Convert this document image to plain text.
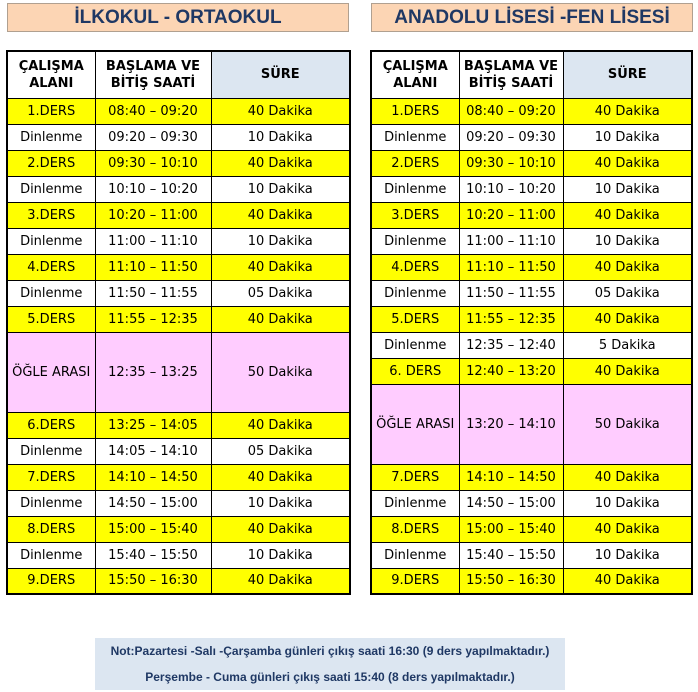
İLKOKUL - ORTAOKUL	ANADOLU LİSESİ -FEN LİSESİ
ÇALIŞMA ALANI	BAŞLAMA VE BİTİŞ SAATİ	SÜRE
1.DERS	08:40 – 09:20	40 Dakika
Dinlenme	09:20 – 09:30	10 Dakika
2.DERS	09:30 – 10:10	40 Dakika
Dinlenme	10:10 – 10:20	10 Dakika
3.DERS	10:20 – 11:00	40 Dakika
Dinlenme	11:00 – 11:10	10 Dakika
4.DERS	11:10 – 11:50	40 Dakika
Dinlenme	11:50 – 11:55	05 Dakika
5.DERS	11:55 – 12:35	40 Dakika
ÖĞLE ARASI	12:35 – 13:25	50 Dakika
6.DERS	13:25 – 14:05	40 Dakika
Dinlenme	14:05 – 14:10	05 Dakika
7.DERS	14:10 – 14:50	40 Dakika
Dinlenme	14:50 – 15:00	10 Dakika
8.DERS	15:00 – 15:40	40 Dakika
Dinlenme	15:40 – 15:50	10 Dakika
9.DERS	15:50 – 16:30	40 Dakika
ÇALIŞMA ALANI	BAŞLAMA VE BİTİŞ SAATİ	SÜRE
1.DERS	08:40 – 09:20	40 Dakika
Dinlenme	09:20 – 09:30	10 Dakika
2.DERS	09:30 – 10:10	40 Dakika
Dinlenme	10:10 – 10:20	10 Dakika
3.DERS	10:20 – 11:00	40 Dakika
Dinlenme	11:00 – 11:10	10 Dakika
4.DERS	11:10 – 11:50	40 Dakika
Dinlenme	11:50 – 11:55	05 Dakika
5.DERS	11:55 – 12:35	40 Dakika
Dinlenme	12:35 – 12:40	5 Dakika
6. DERS	12:40 – 13:20	40 Dakika
ÖĞLE ARASI	13:20 – 14:10	50 Dakika
7.DERS	14:10 – 14:50	40 Dakika
Dinlenme	14:50 – 15:00	10 Dakika
8.DERS	15:00 – 15:40	40 Dakika
Dinlenme	15:40 – 15:50	10 Dakika
9.DERS	15:50 – 16:30	40 Dakika
Not:Pazartesi -Salı -Çarşamba günleri çıkış saati 16:30 (9 ders yapılmaktadır.)
Perşembe - Cuma günleri çıkış saati 15:40 (8 ders yapılmaktadır.)
